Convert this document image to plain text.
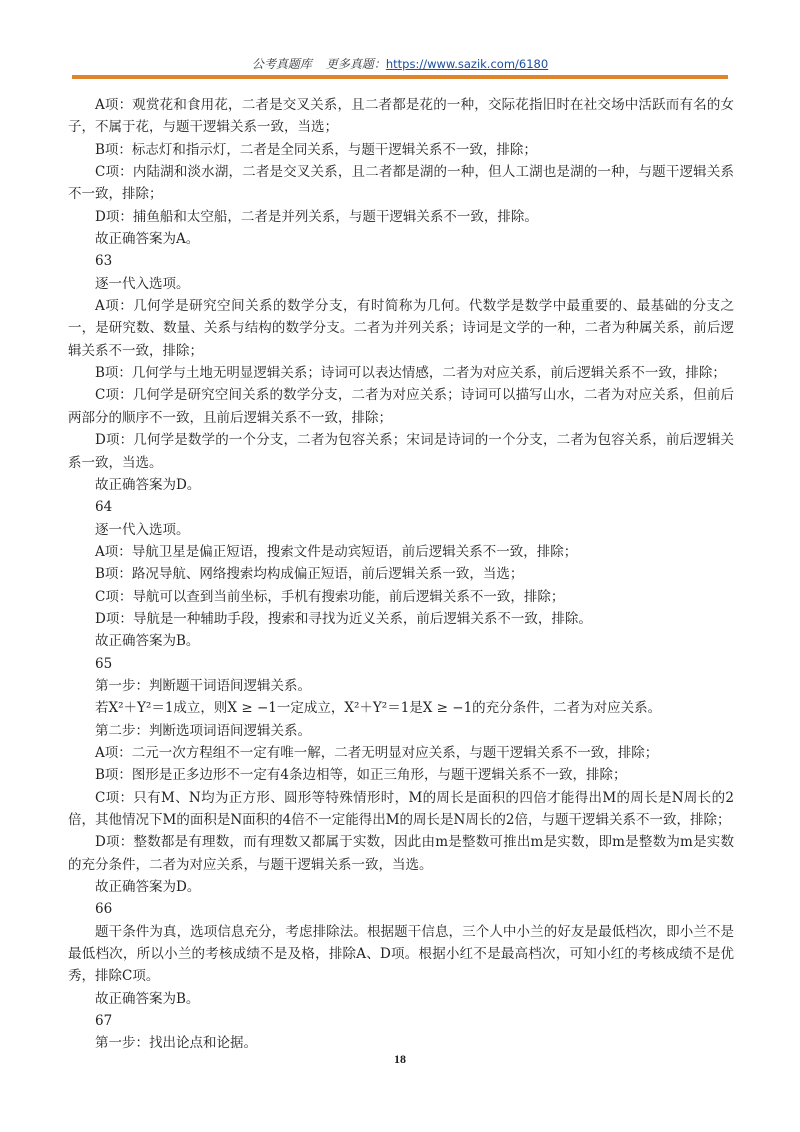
公考真题库 更多真题：https://www.sazik.com/6180

A项：观赏花和食用花，二者是交叉关系，且二者都是花的一种，交际花指旧时在社交场中活跃而有名的女子，不属于花，与题干逻辑关系一致，当选；

B项：标志灯和指示灯，二者是全同关系，与题干逻辑关系不一致，排除；

C项：内陆湖和淡水湖，二者是交叉关系，且二者都是湖的一种，但人工湖也是湖的一种，与题干逻辑关系不一致，排除；

D项：捕鱼船和太空船，二者是并列关系，与题干逻辑关系不一致，排除。

故正确答案为A。

63

逐一代入选项。

A项：几何学是研究空间关系的数学分支，有时简称为几何。代数学是数学中最重要的、最基础的分支之一，是研究数、数量、关系与结构的数学分支。二者为并列关系；诗词是文学的一种，二者为种属关系，前后逻辑关系不一致，排除；

B项：几何学与土地无明显逻辑关系；诗词可以表达情感，二者为对应关系，前后逻辑关系不一致，排除；

C项：几何学是研究空间关系的数学分支，二者为对应关系；诗词可以描写山水，二者为对应关系，但前后两部分的顺序不一致，且前后逻辑关系不一致，排除；

D项：几何学是数学的一个分支，二者为包容关系；宋词是诗词的一个分支，二者为包容关系，前后逻辑关系一致，当选。

故正确答案为D。

64

逐一代入选项。

A项：导航卫星是偏正短语，搜索文件是动宾短语，前后逻辑关系不一致，排除；

B项：路况导航、网络搜索均构成偏正短语，前后逻辑关系一致，当选；

C项：导航可以查到当前坐标，手机有搜索功能，前后逻辑关系不一致，排除；

D项：导航是一种辅助手段，搜索和寻找为近义关系，前后逻辑关系不一致，排除。

故正确答案为B。

65

第一步：判断题干词语间逻辑关系。

若X²＋Y²＝1成立，则X ≥ −1一定成立，X²＋Y²＝1是X ≥ −1的充分条件，二者为对应关系。

第二步：判断选项词语间逻辑关系。

A项：二元一次方程组不一定有唯一解，二者无明显对应关系，与题干逻辑关系不一致，排除；

B项：图形是正多边形不一定有4条边相等，如正三角形，与题干逻辑关系不一致，排除；

C项：只有M、N均为正方形、圆形等特殊情形时，M的周长是面积的四倍才能得出M的周长是N周长的2倍，其他情况下M的面积是N面积的4倍不一定能得出M的周长是N周长的2倍，与题干逻辑关系不一致，排除；

D项：整数都是有理数，而有理数又都属于实数，因此由m是整数可推出m是实数，即m是整数为m是实数的充分条件，二者为对应关系，与题干逻辑关系一致，当选。

故正确答案为D。

66

题干条件为真，选项信息充分，考虑排除法。根据题干信息，三个人中小兰的好友是最低档次，即小兰不是最低档次，所以小兰的考核成绩不是及格，排除A、D项。根据小红不是最高档次，可知小红的考核成绩不是优秀，排除C项。

故正确答案为B。

67

第一步：找出论点和论据。

18
